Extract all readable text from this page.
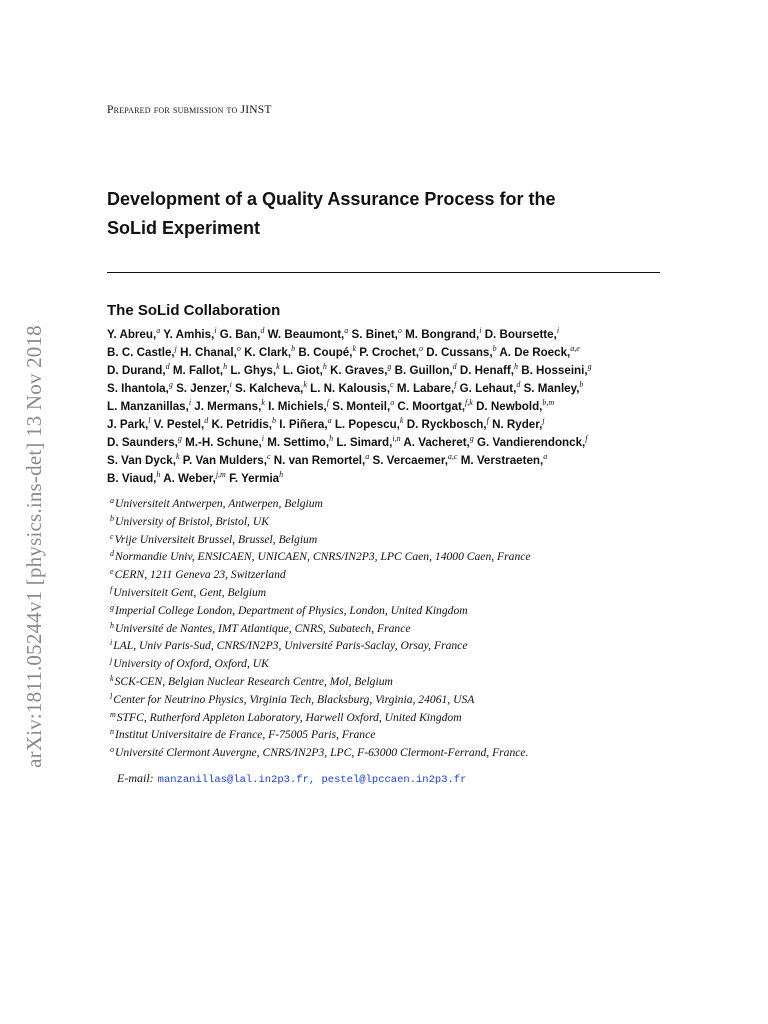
arXiv:1811.05244v1 [physics.ins-det] 13 Nov 2018
Prepared for submission to JINST
Development of a Quality Assurance Process for the
SoLid Experiment
The SoLid Collaboration
Y. Abreu,$^a$ Y. Amhis,$^i$ G. Ban,$^d$ W. Beaumont,$^a$ S. Binet,$^o$ M. Bongrand,$^i$ D. Boursette,$^i$
B. C. Castle,$^j$ H. Chanal,$^o$ K. Clark,$^b$ B. Coupé,$^k$ P. Crochet,$^o$ D. Cussans,$^b$ A. De Roeck,$^{a,e}$
D. Durand,$^d$ M. Fallot,$^h$ L. Ghys,$^k$ L. Giot,$^h$ K. Graves,$^g$ B. Guillon,$^d$ D. Henaff,$^h$ B. Hosseini,$^g$
S. Ihantola,$^g$ S. Jenzer,$^i$ S. Kalcheva,$^k$ L. N. Kalousis,$^c$ M. Labare,$^f$ G. Lehaut,$^d$ S. Manley,$^b$
L. Manzanillas,$^i$ J. Mermans,$^k$ I. Michiels,$^f$ S. Monteil,$^o$ C. Moortgat,$^{f,k}$ D. Newbold,$^{b,m}$
J. Park,$^l$ V. Pestel,$^d$ K. Petridis,$^b$ I. Piñera,$^a$ L. Popescu,$^k$ D. Ryckbosch,$^f$ N. Ryder,$^j$
D. Saunders,$^g$ M.-H. Schune,$^i$ M. Settimo,$^h$ L. Simard,$^{i,n}$ A. Vacheret,$^g$ G. Vandierendonck,$^f$
S. Van Dyck,$^k$ P. Van Mulders,$^c$ N. van Remortel,$^a$ S. Vercaemer,$^{a,c}$ M. Verstraeten,$^a$
B. Viaud,$^h$ A. Weber,$^{j,m}$ F. Yermia$^h$
$^a$Universiteit Antwerpen, Antwerpen, Belgium
$^b$University of Bristol, Bristol, UK
$^c$Vrije Universiteit Brussel, Brussel, Belgium
$^d$Normandie Univ, ENSICAEN, UNICAEN, CNRS/IN2P3, LPC Caen, 14000 Caen, France
$^e$CERN, 1211 Geneva 23, Switzerland
$^f$Universiteit Gent, Gent, Belgium
$^g$Imperial College London, Department of Physics, London, United Kingdom
$^h$Université de Nantes, IMT Atlantique, CNRS, Subatech, France
$^i$LAL, Univ Paris-Sud, CNRS/IN2P3, Université Paris-Saclay, Orsay, France
$^j$University of Oxford, Oxford, UK
$^k$SCK-CEN, Belgian Nuclear Research Centre, Mol, Belgium
$^l$Center for Neutrino Physics, Virginia Tech, Blacksburg, Virginia, 24061, USA
$^m$STFC, Rutherford Appleton Laboratory, Harwell Oxford, United Kingdom
$^n$Institut Universitaire de France, F-75005 Paris, France
$^o$Université Clermont Auvergne, CNRS/IN2P3, LPC, F-63000 Clermont-Ferrand, France.
E-mail: manzanillas@lal.in2p3.fr, pestel@lpccaen.in2p3.fr
